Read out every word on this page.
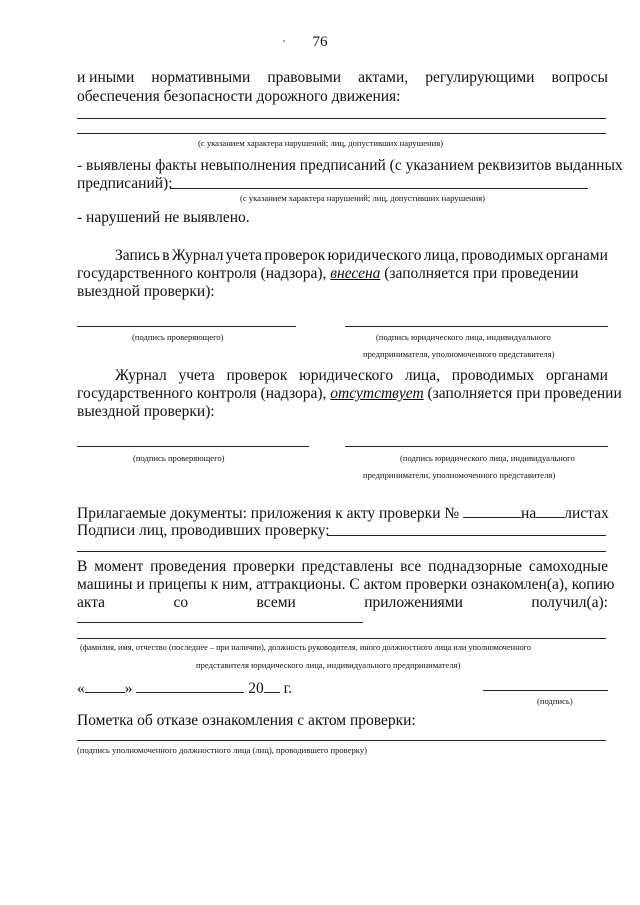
76
и иными нормативными правовыми актами, регулирующими вопросы
обеспечения безопасности дорожного движения:
(с указанием характера нарушений; лиц, допустивших нарушения)
- выявлены факты невыполнения предписаний (с указанием реквизитов выданных
предписаний):
(с указанием характера нарушений; лиц, допустивших нарушения)
- нарушений не выявлено.
Запись в Журнал учета проверок юридического лица, проводимых органами
государственного контроля (надзора), внесена (заполняется при проведении
выездной проверки):
(подпись проверяющего)	(подпись юридического лица, индивидуального
предпринимателя, уполномоченного представителя)
Журнал учета проверок юридического лица, проводимых органами
государственного контроля (надзора), отсутствует (заполняется при проведении
выездной проверки):
(подпись проверяющего)	(подпись юридического лица, индивидуального
предприниматели, уполномоченного представителя)
Прилагаемые документы: приложения к акту проверки №	на листах
Подписи лиц, проводивших проверку:
В момент проведения проверки представлены все поднадзорные самоходные
машины и прицепы к ним, аттракционы. С актом проверки ознакомлен(а), копию
акта	со	всеми	приложениями	получил(а):
(фамилия, имя, отчество (последнее – при наличии), должность руководителя, иного должностного лица или уполномоченного
представителя юридического лица, индивидуального предпринимателя)
«	»	20 г.
(подпись)
Пометка об отказе ознакомления с актом проверки:
(подпись уполномоченного должностного лица (лиц), проводившего проверку)
